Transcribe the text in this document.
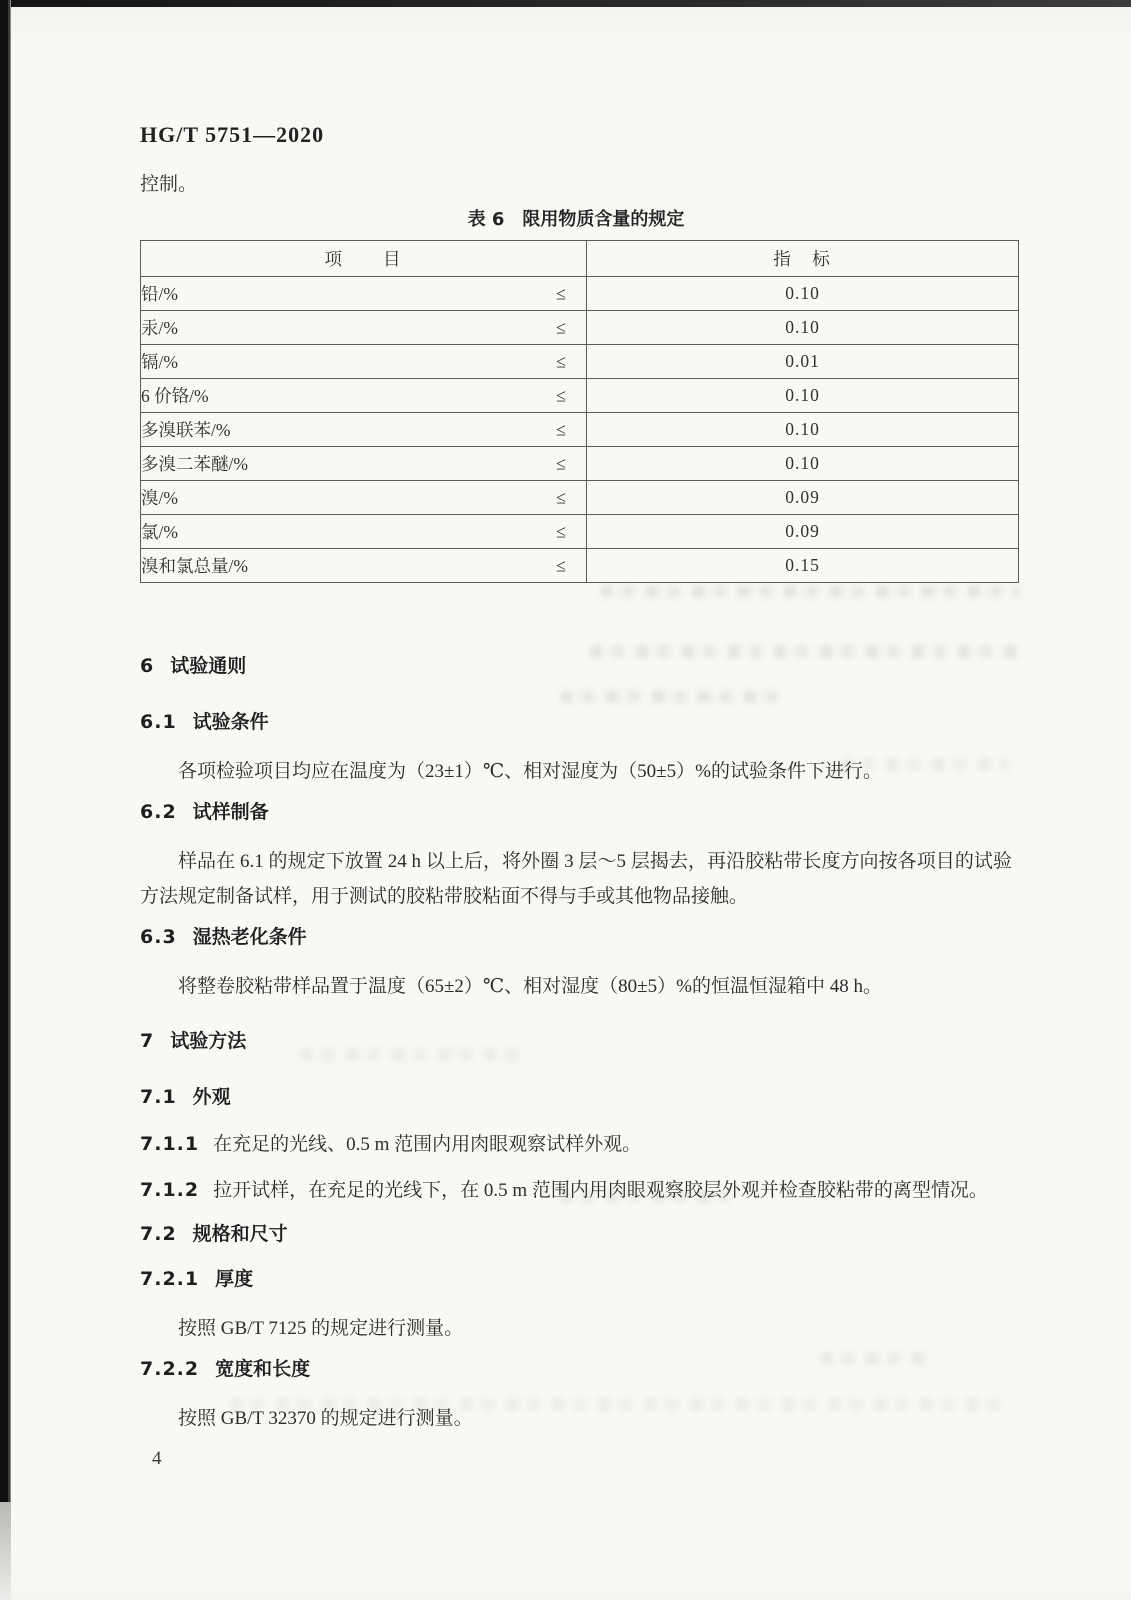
HG/T 5751—2020
控制。
表 6　限用物质含量的规定
项　　目	指　标
铅/% ≤	0.10
汞/% ≤	0.10
镉/% ≤	0.01
6 价铬/% ≤	0.10
多溴联苯/% ≤	0.10
多溴二苯醚/% ≤	0.10
溴/% ≤	0.09
氯/% ≤	0.09
溴和氯总量/% ≤	0.15
6 试验通则
6.1 试验条件
各项检验项目均应在温度为（23±1）℃、相对湿度为（50±5）%的试验条件下进行。
6.2 试样制备
样品在 6.1 的规定下放置 24 h 以上后，将外圈 3 层～5 层揭去，再沿胶粘带长度方向按各项目的试验方法规定制备试样，用于测试的胶粘带胶粘面不得与手或其他物品接触。
6.3 湿热老化条件
将整卷胶粘带样品置于温度（65±2）℃、相对湿度（80±5）%的恒温恒湿箱中 48 h。
7 试验方法
7.1 外观
7.1.1 在充足的光线、0.5 m 范围内用肉眼观察试样外观。
7.1.2 拉开试样，在充足的光线下，在 0.5 m 范围内用肉眼观察胶层外观并检查胶粘带的离型情况。
7.2 规格和尺寸
7.2.1 厚度
按照 GB/T 7125 的规定进行测量。
7.2.2 宽度和长度
按照 GB/T 32370 的规定进行测量。
4
